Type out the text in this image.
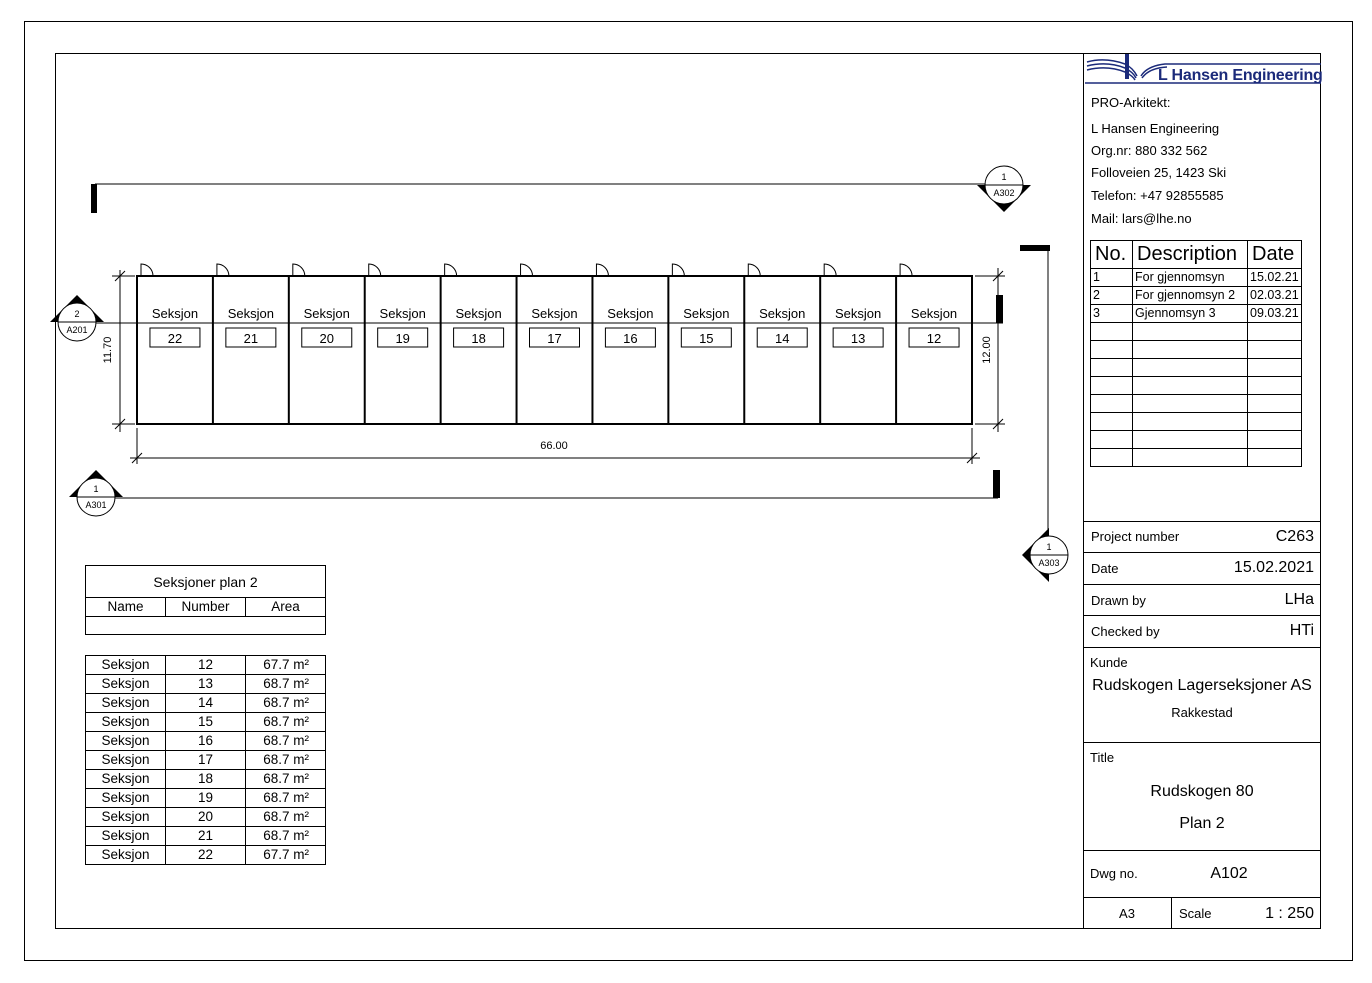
Seksjon
22
Seksjon
21
Seksjon
20
Seksjon
19
Seksjon
18
Seksjon
17
Seksjon
16
Seksjon
15
Seksjon
14
Seksjon
13
Seksjon
12
66.00
11.70	12.00
1
A302
2
A201
1
A301
1
A303
L Hansen Engineering
PRO-Arkitekt:
L Hansen Engineering
Org.nr: 880 332 562
Folloveien 25, 1423 Ski
Telefon: +47 92855585
Mail: lars@lhe.no
No.	Description	Date
1	For gjennomsyn	15.02.21
2	For gjennomsyn 2	02.03.21
3	Gjennomsyn 3	09.03.21

Project number	C263
Date	15.02.2021
Drawn by	LHa
Checked by	HTi
Kunde
Rudskogen Lagerseksjoner AS
Rakkestad
Title
Rudskogen 80
Plan 2
Dwg no.	A102
A3	Scale	1 : 250
Seksjoner plan 2
Name	Number	Area

Seksjon	12	67.7 m²
Seksjon	13	68.7 m²
Seksjon	14	68.7 m²
Seksjon	15	68.7 m²
Seksjon	16	68.7 m²
Seksjon	17	68.7 m²
Seksjon	18	68.7 m²
Seksjon	19	68.7 m²
Seksjon	20	68.7 m²
Seksjon	21	68.7 m²
Seksjon	22	67.7 m²
